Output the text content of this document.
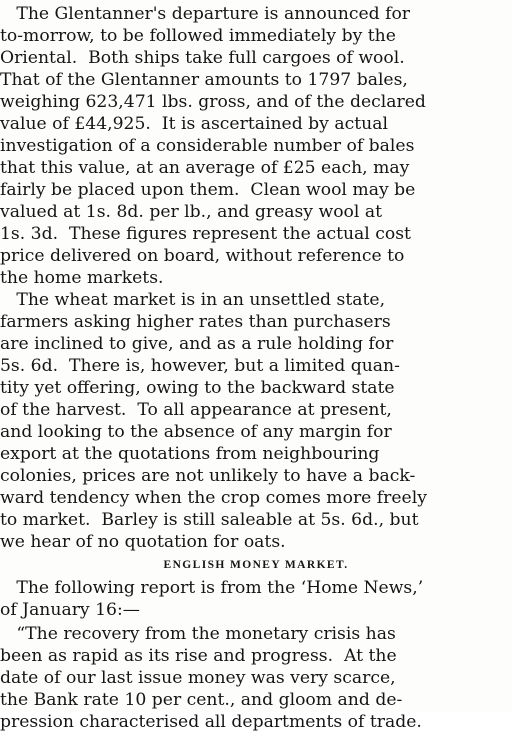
The Glentanner's departure is announced for
to-morrow, to be followed immediately by the
Oriental.  Both ships take full cargoes of wool.
That of the Glentanner amounts to 1797 bales,
weighing 623,471 lbs. gross, and of the declared
value of £44,925.  It is ascertained by actual
investigation of a considerable number of bales
that this value, at an average of £25 each, may
fairly be placed upon them.  Clean wool may be
valued at 1s. 8d. per lb., and greasy wool at
1s. 3d.  These figures represent the actual cost
price delivered on board, without reference to
the home markets.
The wheat market is in an unsettled state,
farmers asking higher rates than purchasers
are inclined to give, and as a rule holding for
5s. 6d.  There is, however, but a limited quan-
tity yet offering, owing to the backward state
of the harvest.  To all appearance at present,
and looking to the absence of any margin for
export at the quotations from neighbouring
colonies, prices are not unlikely to have a back-
ward tendency when the crop comes more freely
to market.  Barley is still saleable at 5s. 6d., but
we hear of no quotation for oats.
ENGLISH MONEY MARKET.
The following report is from the ‘Home News,’
of January 16:—
“The recovery from the monetary crisis has
been as rapid as its rise and progress.  At the
date of our last issue money was very scarce,
the Bank rate 10 per cent., and gloom and de-
pression characterised all departments of trade.
